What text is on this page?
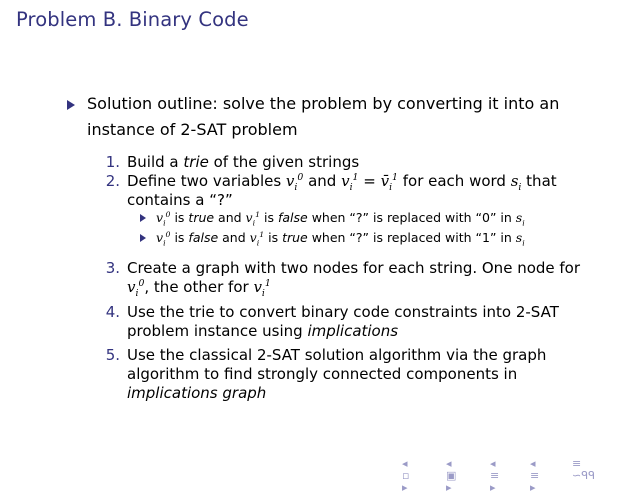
Problem B. Binary Code
Solution outline: solve the problem by converting it into an
instance of 2-SAT problem
1. Build a trie of the given strings
2. Define two variables $v_i^0$ and $v_i^1$ = $v̄_i^1$ for each word $s_i$ that
contains a “?”
$v_i^0$ is true and $v_i^1$ is false when “?” is replaced with “0” in $s_i$
$v_i^0$ is false and $v_i^1$ is true when “?” is replaced with “1” in $s_i$
3. Create a graph with two nodes for each string. One node for
$v_i^0$, the other for $v_i^1$
4. Use the trie to convert binary code constraints into 2-SAT
problem instance using implications
5. Use the classical 2-SAT solution algorithm via the graph
algorithm to find strongly connected components in
implications graph
◂ ▫ ▸
◂ ▣ ▸
◂ ≡ ▸
◂ ≡ ▸
≡ ∽ᑫᑫ
